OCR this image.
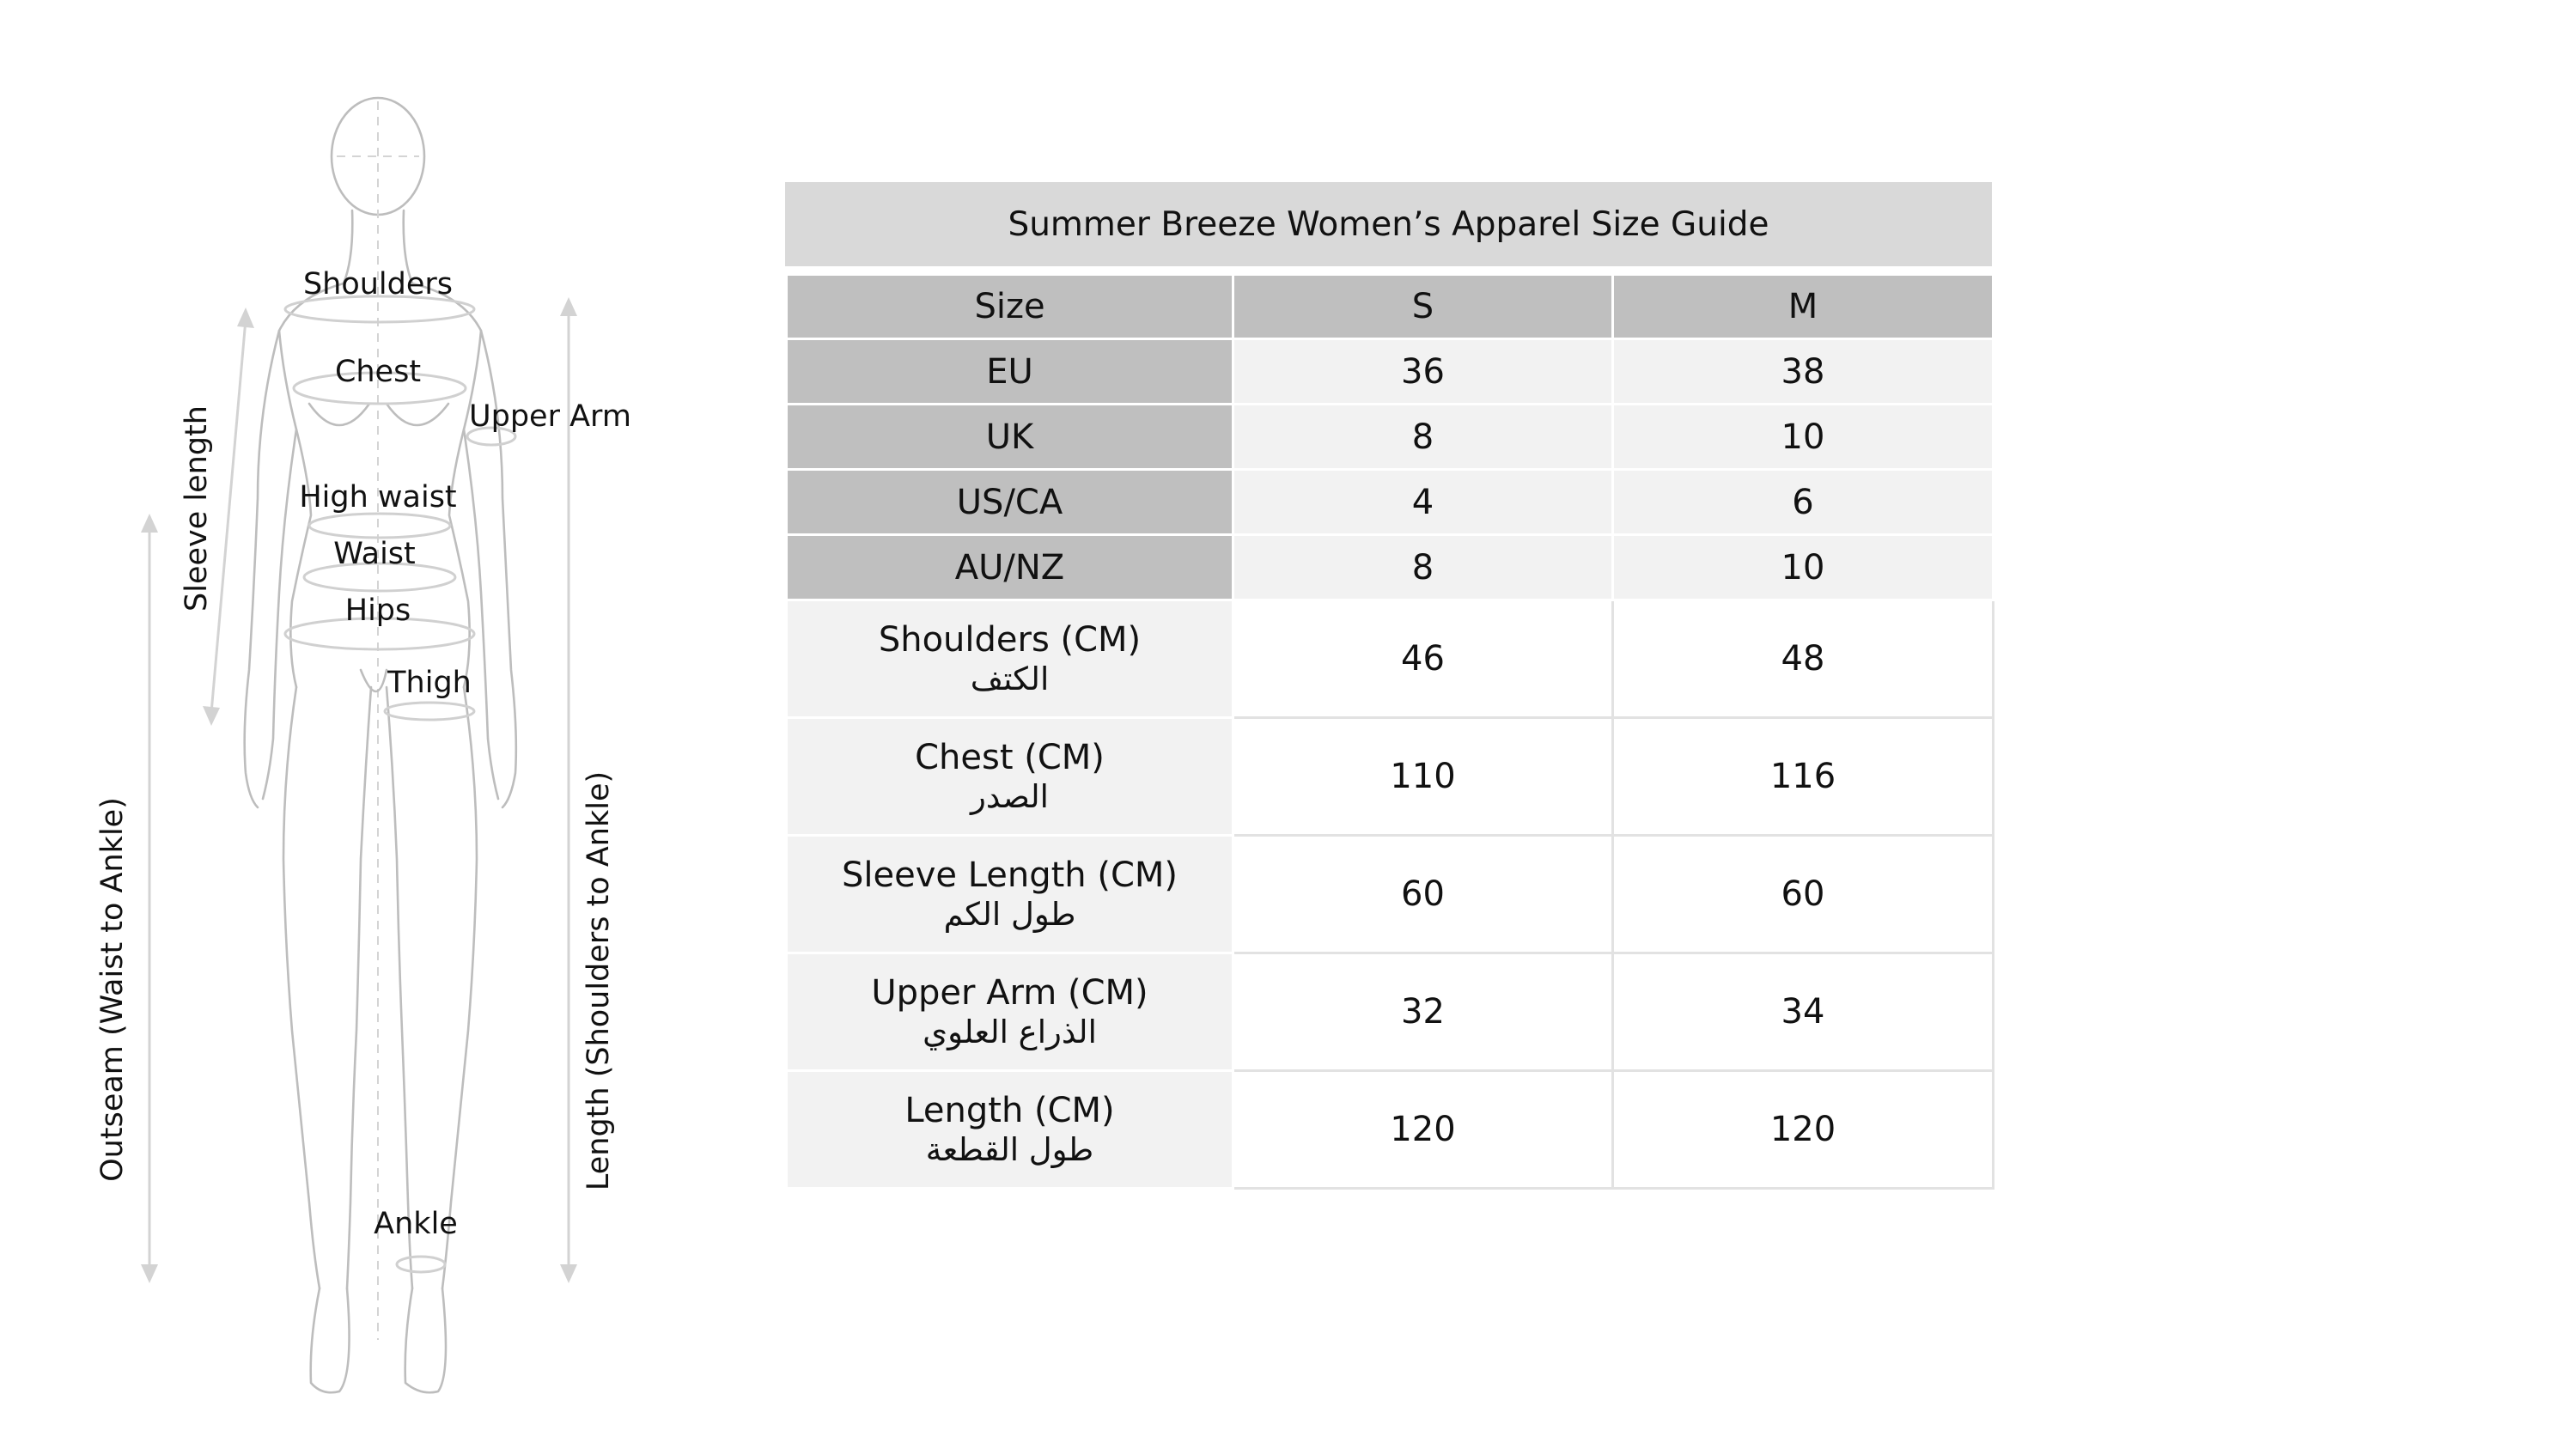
Shoulders
Chest
Upper Arm
High waist
Waist
Hips
Thigh
Ankle
Sleeve length
Outseam (Waist to Ankle)	Length (Shoulders to Ankle)
Summer Breeze Women’s Apparel Size Guide
Size	S	M
EU	36	38
UK	8	10
US/CA	4	6
AU/NZ	8	10

Shoulders (CM)
الكتف	46	48

Chest (CM)
الصدر	110	116

Sleeve Length (CM)
طول الكم	60	60

Upper Arm (CM)
الذراع العلوي	32	34

Length (CM)
طول القطعة	120	120
